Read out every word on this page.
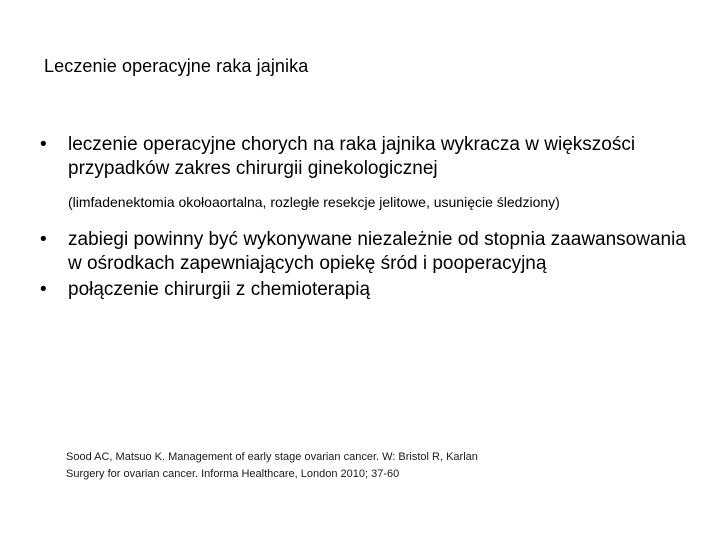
Leczenie operacyjne raka jajnika
•	leczenie operacyjne chorych na raka jajnika wykracza w większości przypadków zakres chirurgii ginekologicznej
(limfadenektomia okołoaortalna, rozległe resekcje jelitowe, usunięcie śledziony)
•	zabiegi powinny być wykonywane niezależnie od stopnia zaawansowania w ośrodkach zapewniających opiekę śród i pooperacyjną
•	połączenie chirurgii z chemioterapią
Sood AC, Matsuo K. Management of early stage ovarian cancer. W: Bristol R, Karlan
Surgery for ovarian cancer. Informa Healthcare, London 2010; 37-60
